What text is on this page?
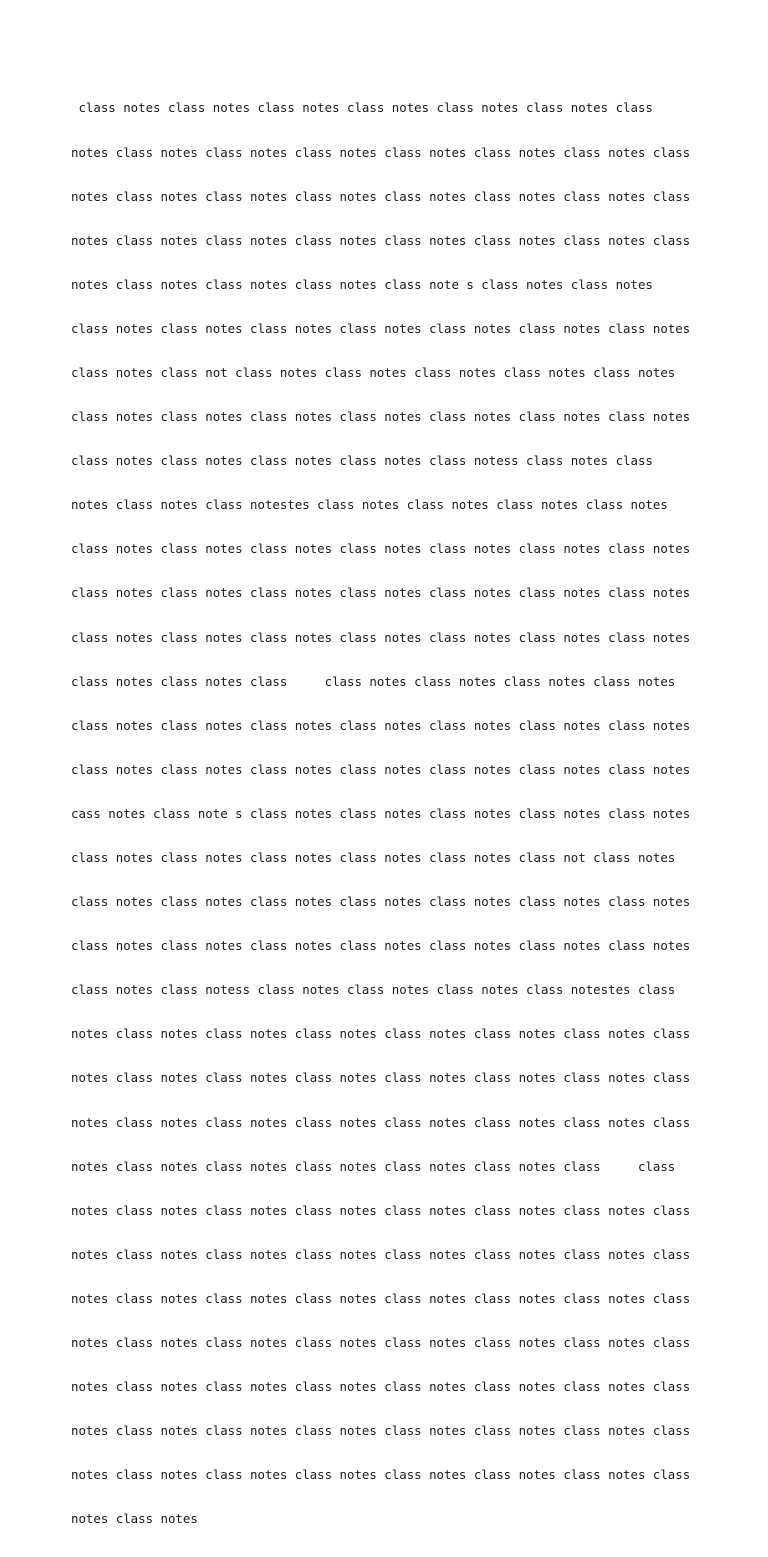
class notes class notes class notes class notes class notes class notes class

notes class notes class notes class notes class notes class notes class notes class

notes class notes class notes class notes class notes class notes class notes class

notes class notes class notes class notes class notes class notes class notes class

notes class notes class notes class notes class note s class notes class notes

class notes class notes class notes class notes class notes class notes class notes

class notes class not class notes class notes class notes class notes class notes

class notes class notes class notes class notes class notes class notes class notes

class notes class notes class notes class notes class notess class notes class

notes class notes class notestes class notes class notes class notes class notes

class notes class notes class notes class notes class notes class notes class notes

class notes class notes class notes class notes class notes class notes class notes

class notes class notes class notes class notes class notes class notes class notes

class notes class notes class     class notes class notes class notes class notes

class notes class notes class notes class notes class notes class notes class notes

class notes class notes class notes class notes class notes class notes class notes

cass notes class note s class notes class notes class notes class notes class notes

class notes class notes class notes class notes class notes class not class notes

class notes class notes class notes class notes class notes class notes class notes

class notes class notes class notes class notes class notes class notes class notes

class notes class notess class notes class notes class notes class notestes class

notes class notes class notes class notes class notes class notes class notes class

notes class notes class notes class notes class notes class notes class notes class

notes class notes class notes class notes class notes class notes class notes class

notes class notes class notes class notes class notes class notes class     class

notes class notes class notes class notes class notes class notes class notes class

notes class notes class notes class notes class notes class notes class notes class

notes class notes class notes class notes class notes class notes class notes class

notes class notes class notes class notes class notes class notes class notes class

notes class notes class notes class notes class notes class notes class notes class

notes class notes class notes class notes class notes class notes class notes class

notes class notes class notes class notes class notes class notes class notes class

notes class notes
